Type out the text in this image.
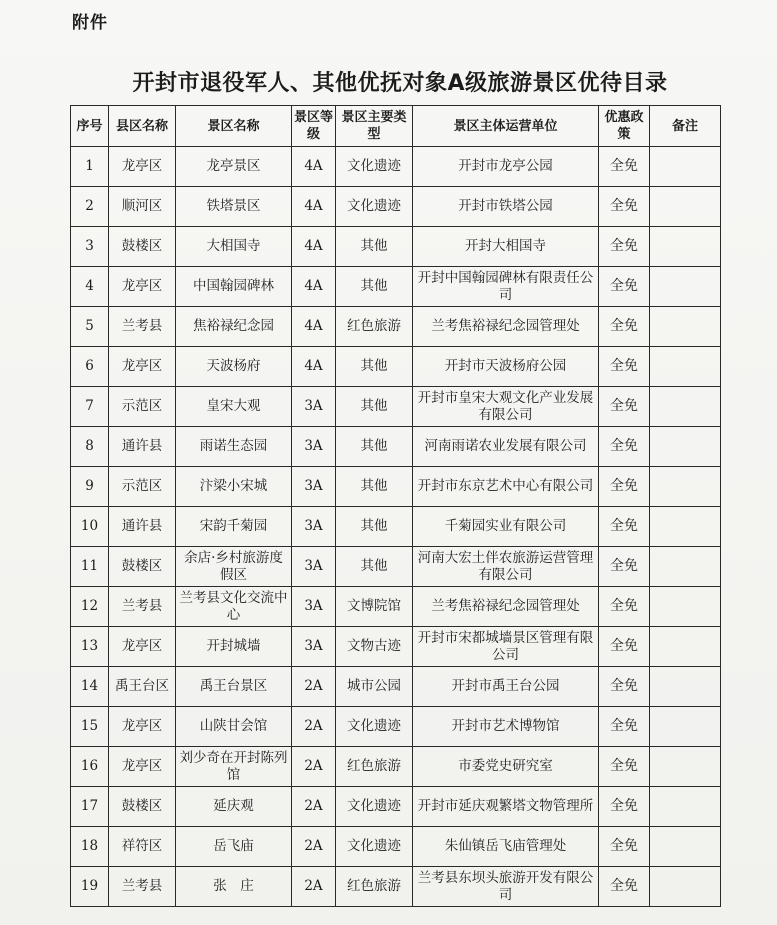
附件
开封市退役军人、其他优抚对象A级旅游景区优待目录
序号	县区名称	景区名称	景区等级	景区主要类型	景区主体运营单位	优惠政策	备注
1	龙亭区	龙亭景区	4A	文化遗迹	开封市龙亭公园	全免	
2	顺河区	铁塔景区	4A	文化遗迹	开封市铁塔公园	全免	
3	鼓楼区	大相国寺	4A	其他	开封大相国寺	全免	
4	龙亭区	中国翰园碑林	4A	其他	开封中国翰园碑林有限责任公司	全免	
5	兰考县	焦裕禄纪念园	4A	红色旅游	兰考焦裕禄纪念园管理处	全免	
6	龙亭区	天波杨府	4A	其他	开封市天波杨府公园	全免	
7	示范区	皇宋大观	3A	其他	开封市皇宋大观文化产业发展有限公司	全免	
8	通许县	雨诺生态园	3A	其他	河南雨诺农业发展有限公司	全免	
9	示范区	汴梁小宋城	3A	其他	开封市东京艺术中心有限公司	全免	
10	通许县	宋韵千菊园	3A	其他	千菊园实业有限公司	全免	
11	鼓楼区	余店·乡村旅游度假区	3A	其他	河南大宏土伴农旅游运营管理有限公司	全免	
12	兰考县	兰考县文化交流中心	3A	文博院馆	兰考焦裕禄纪念园管理处	全免	
13	龙亭区	开封城墙	3A	文物古迹	开封市宋都城墙景区管理有限公司	全免	
14	禹王台区	禹王台景区	2A	城市公园	开封市禹王台公园	全免	
15	龙亭区	山陕甘会馆	2A	文化遗迹	开封市艺术博物馆	全免	
16	龙亭区	刘少奇在开封陈列馆	2A	红色旅游	市委党史研究室	全免	
17	鼓楼区	延庆观	2A	文化遗迹	开封市延庆观繁塔文物管理所	全免	
18	祥符区	岳飞庙	2A	文化遗迹	朱仙镇岳飞庙管理处	全免	
19	兰考县	张　庄	2A	红色旅游	兰考县东坝头旅游开发有限公司	全免	
